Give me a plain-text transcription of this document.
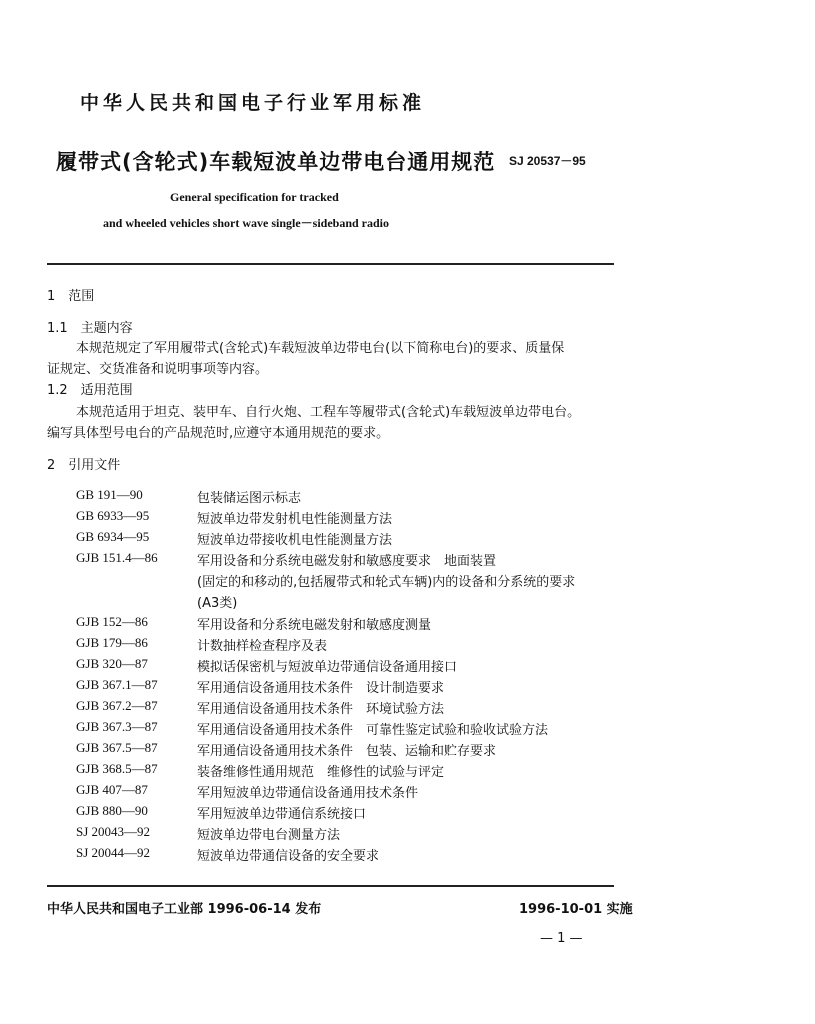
中华人民共和国电子行业军用标准
履带式(含轮式)车载短波单边带电台通用规范 SJ 20537－95
General specification for tracked
and wheeled vehicles short wave single－sideband radio
1　范围
1.1　主题内容
本规范规定了军用履带式(含轮式)车载短波单边带电台(以下简称电台)的要求、质量保
证规定、交货准备和说明事项等内容。
1.2　适用范围
本规范适用于坦克、装甲车、自行火炮、工程车等履带式(含轮式)车载短波单边带电台。
编写具体型号电台的产品规范时,应遵守本通用规范的要求。
2　引用文件
GB 191—90	包装储运图示标志
GB 6933—95	短波单边带发射机电性能测量方法
GB 6934—95	短波单边带接收机电性能测量方法
GJB 151.4—86	军用设备和分系统电磁发射和敏感度要求　地面装置
(固定的和移动的,包括履带式和轮式车辆)内的设备和分系统的要求
(A3类)
GJB 152—86	军用设备和分系统电磁发射和敏感度测量
GJB 179—86	计数抽样检查程序及表
GJB 320—87	模拟话保密机与短波单边带通信设备通用接口
GJB 367.1—87	军用通信设备通用技术条件　设计制造要求
GJB 367.2—87	军用通信设备通用技术条件　环境试验方法
GJB 367.3—87	军用通信设备通用技术条件　可靠性鉴定试验和验收试验方法
GJB 367.5—87	军用通信设备通用技术条件　包装、运输和贮存要求
GJB 368.5—87	装备维修性通用规范　维修性的试验与评定
GJB 407—87	军用短波单边带通信设备通用技术条件
GJB 880—90	军用短波单边带通信系统接口
SJ 20043—92	短波单边带电台测量方法
SJ 20044—92	短波单边带通信设备的安全要求
中华人民共和国电子工业部 1996-06-14 发布	1996-10-01 实施
— 1 —
